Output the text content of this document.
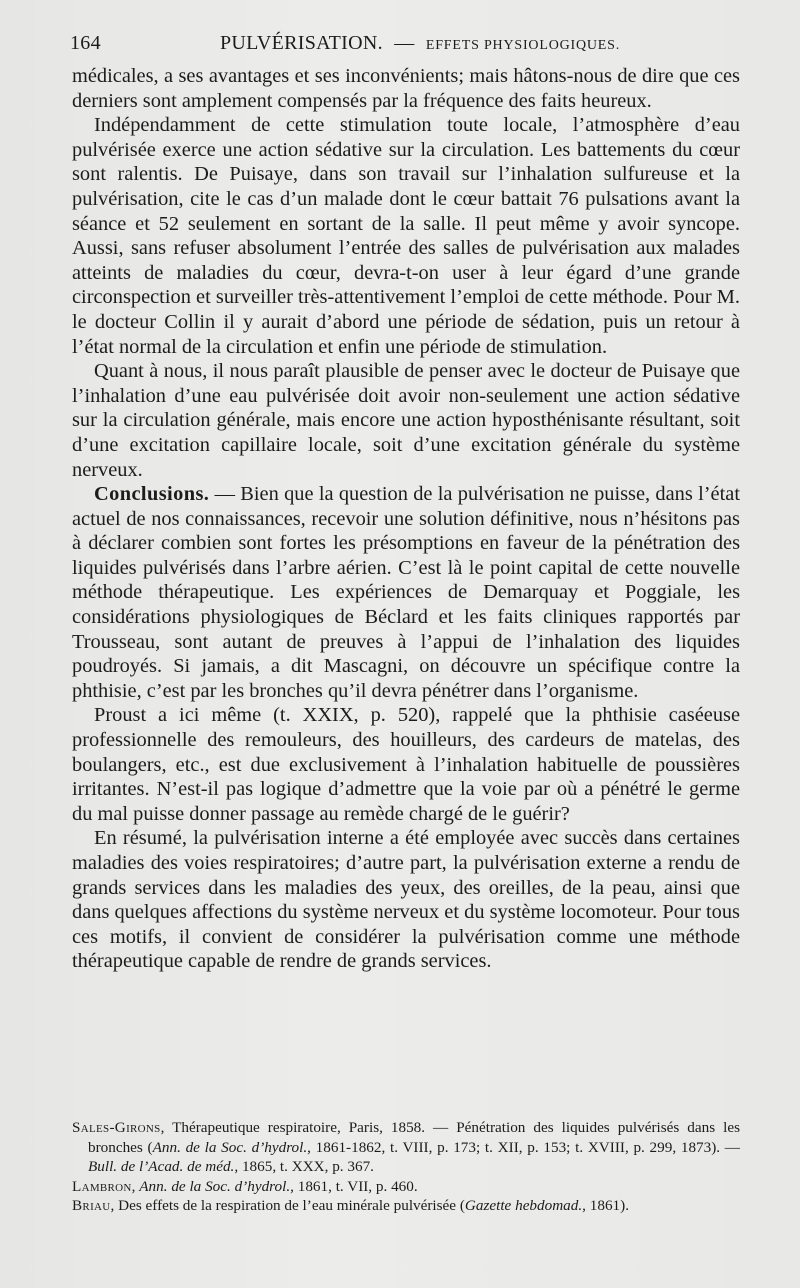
164	PULVÉRISATION. — EFFETS PHYSIOLOGIQUES.

médicales, a ses avantages et ses inconvénients; mais hâtons-nous de dire que ces derniers sont amplement compensés par la fréquence des faits heureux.

Indépendamment de cette stimulation toute locale, l’atmosphère d’eau pulvérisée exerce une action sédative sur la circulation. Les battements du cœur sont ralentis. De Puisaye, dans son travail sur l’inhalation sulfureuse et la pulvérisation, cite le cas d’un malade dont le cœur battait 76 pulsations avant la séance et 52 seulement en sortant de la salle. Il peut même y avoir syncope. Aussi, sans refuser absolument l’entrée des salles de pulvérisation aux malades atteints de maladies du cœur, devra-t-on user à leur égard d’une grande circonspection et surveiller très-attentivement l’emploi de cette méthode. Pour M. le docteur Collin il y aurait d’abord une période de sédation, puis un retour à l’état normal de la circulation et enfin une période de stimulation.

Quant à nous, il nous paraît plausible de penser avec le docteur de Puisaye que l’inhalation d’une eau pulvérisée doit avoir non-seulement une action sédative sur la circulation générale, mais encore une action hyposthénisante résultant, soit d’une excitation capillaire locale, soit d’une excitation générale du système nerveux.

Conclusions. — Bien que la question de la pulvérisation ne puisse, dans l’état actuel de nos connaissances, recevoir une solution définitive, nous n’hésitons pas à déclarer combien sont fortes les présomptions en faveur de la pénétration des liquides pulvérisés dans l’arbre aérien. C’est là le point capital de cette nouvelle méthode thérapeutique. Les expériences de Demarquay et Poggiale, les considérations physiologiques de Béclard et les faits cliniques rapportés par Trousseau, sont autant de preuves à l’appui de l’inhalation des liquides poudroyés. Si jamais, a dit Mascagni, on découvre un spécifique contre la phthisie, c’est par les bronches qu’il devra pénétrer dans l’organisme.

Proust a ici même (t. XXIX, p. 520), rappelé que la phthisie caséeuse professionnelle des remouleurs, des houilleurs, des cardeurs de matelas, des boulangers, etc., est due exclusivement à l’inhalation habituelle de poussières irritantes. N’est-il pas logique d’admettre que la voie par où a pénétré le germe du mal puisse donner passage au remède chargé de le guérir?

En résumé, la pulvérisation interne a été employée avec succès dans certaines maladies des voies respiratoires; d’autre part, la pulvérisation externe a rendu de grands services dans les maladies des yeux, des oreilles, de la peau, ainsi que dans quelques affections du système nerveux et du système locomoteur. Pour tous ces motifs, il convient de considérer la pulvérisation comme une méthode thérapeutique capable de rendre de grands services.

Sales-Girons, Thérapeutique respiratoire, Paris, 1858. — Pénétration des liquides pulvérisés dans les bronches (Ann. de la Soc. d’hydrol., 1861-1862, t. VIII, p. 173; t. XII, p. 153; t. XVIII, p. 299, 1873). — Bull. de l’Acad. de méd., 1865, t. XXX, p. 367.

Lambron, Ann. de la Soc. d’hydrol., 1861, t. VII, p. 460.

Briau, Des effets de la respiration de l’eau minérale pulvérisée (Gazette hebdomad., 1861).
